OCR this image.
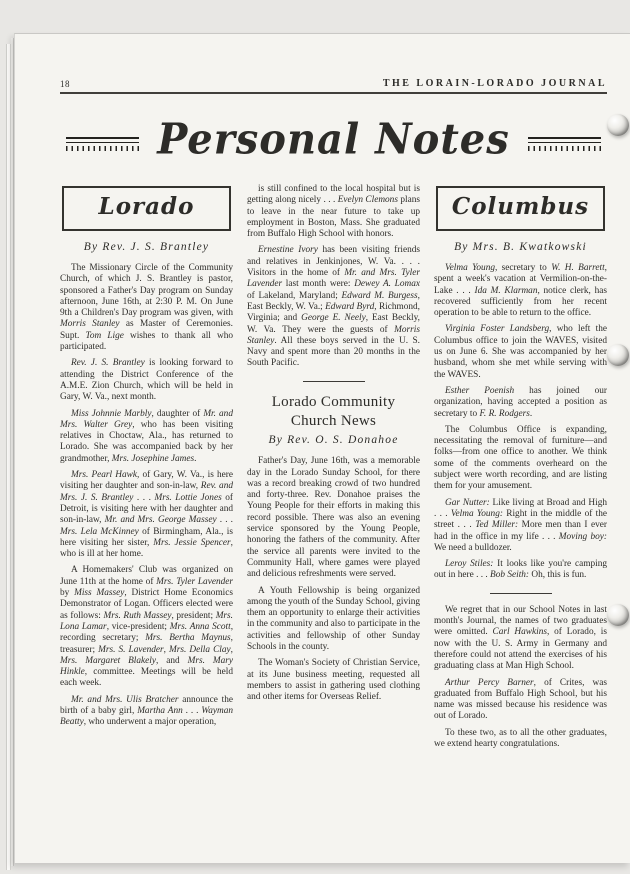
18	THE LORAIN-LORADO JOURNAL
Personal Notes
Lorado
By Rev. J. S. Brantley

The Missionary Circle of the Community Church, of which J. S. Brantley is pastor, sponsored a Father's Day program on Sunday afternoon, June 16th, at 2:30 P. M. On June 9th a Children's Day program was given, with Morris Stanley as Master of Ceremonies. Supt. Tom Lige wishes to thank all who participated.

Rev. J. S. Brantley is looking forward to attending the District Conference of the A.M.E. Zion Church, which will be held in Gary, W. Va., next month.

Miss Johnnie Marbly, daughter of Mr. and Mrs. Walter Grey, who has been visiting relatives in Choctaw, Ala., has returned to Lorado. She was accompanied back by her grandmother, Mrs. Josephine James.

Mrs. Pearl Hawk, of Gary, W. Va., is here visiting her daughter and son-in-law, Rev. and Mrs. J. S. Brantley . . . Mrs. Lottie Jones of Detroit, is visiting here with her daughter and son-in-law, Mr. and Mrs. George Massey . . . Mrs. Lela McKinney of Birmingham, Ala., is here visiting her sister, Mrs. Jessie Spencer, who is ill at her home.

A Homemakers' Club was organized on June 11th at the home of Mrs. Tyler Lavender by Miss Massey, District Home Economics Demonstrator of Logan. Officers elected were as follows: Mrs. Ruth Massey, president; Mrs. Lona Lamar, vice-president; Mrs. Anna Scott, recording secretary; Mrs. Bertha Maynus, treasurer; Mrs. S. Lavender, Mrs. Della Clay, Mrs. Margaret Blakely, and Mrs. Mary Hinkle, committee. Meetings will be held each week.

Mr. and Mrs. Ulis Bratcher announce the birth of a baby girl, Martha Ann . . . Wayman Beatty, who underwent a major operation,

is still confined to the local hospital but is getting along nicely . . . Evelyn Clemons plans to leave in the near future to take up employment in Boston, Mass. She graduated from Buffalo High School with honors.

Ernestine Ivory has been visiting friends and relatives in Jenkinjones, W. Va. . . . Visitors in the home of Mr. and Mrs. Tyler Lavender last month were: Dewey A. Lomax of Lakeland, Maryland; Edward M. Burgess, East Beckly, W. Va.; Edward Byrd, Richmond, Virginia; and George E. Neely, East Beckly, W. Va. They were the guests of Morris Stanley. All these boys served in the U. S. Navy and spent more than 20 months in the South Pacific.

Lorado Community Church News
By Rev. O. S. Donahoe

Father's Day, June 16th, was a memorable day in the Lorado Sunday School, for there was a record breaking crowd of two hundred and forty-three. Rev. Donahoe praises the Young People for their efforts in making this record possible. There was also an evening service sponsored by the Young People, honoring the fathers of the community. After the service all parents were invited to the Community Hall, where games were played and delicious refreshments were served.

A Youth Fellowship is being organized among the youth of the Sunday School, giving them an opportunity to enlarge their activities in the community and also to participate in the activities and fellowship of other Sunday Schools in the county.

The Woman's Society of Christian Service, at its June business meeting, requested all members to assist in gathering used clothing and other items for Overseas Relief.

Columbus
By Mrs. B. Kwatkowski

Velma Young, secretary to W. H. Barrett, spent a week's vacation at Vermilion-on-the-Lake . . . Ida M. Klarman, notice clerk, has recovered sufficiently from her recent operation to be able to return to the office.

Virginia Foster Landsberg, who left the Columbus office to join the WAVES, visited us on June 6. She was accompanied by her husband, whom she met while serving with the WAVES.

Esther Poenish has joined our organization, having accepted a position as secretary to F. R. Rodgers.

The Columbus Office is expanding, necessitating the removal of furniture—and folks—from one office to another. We think some of the comments overheard on the subject were worth recording, and are listing them for your amusement.

Gar Nutter: Like living at Broad and High . . . Velma Young: Right in the middle of the street . . . Ted Miller: More men than I ever had in the office in my life . . . Moving boy: We need a bulldozer.

Leroy Stiles: It looks like you're camping out in here . . . Bob Seith: Oh, this is fun.

We regret that in our School Notes in last month's Journal, the names of two graduates were omitted. Carl Hawkins, of Lorado, is now with the U. S. Army in Germany and therefore could not attend the exercises of his graduating class at Man High School.

Arthur Percy Barner, of Crites, was graduated from Buffalo High School, but his name was missed because his residence was out of Lorado.

To these two, as to all the other graduates, we extend hearty congratulations.
